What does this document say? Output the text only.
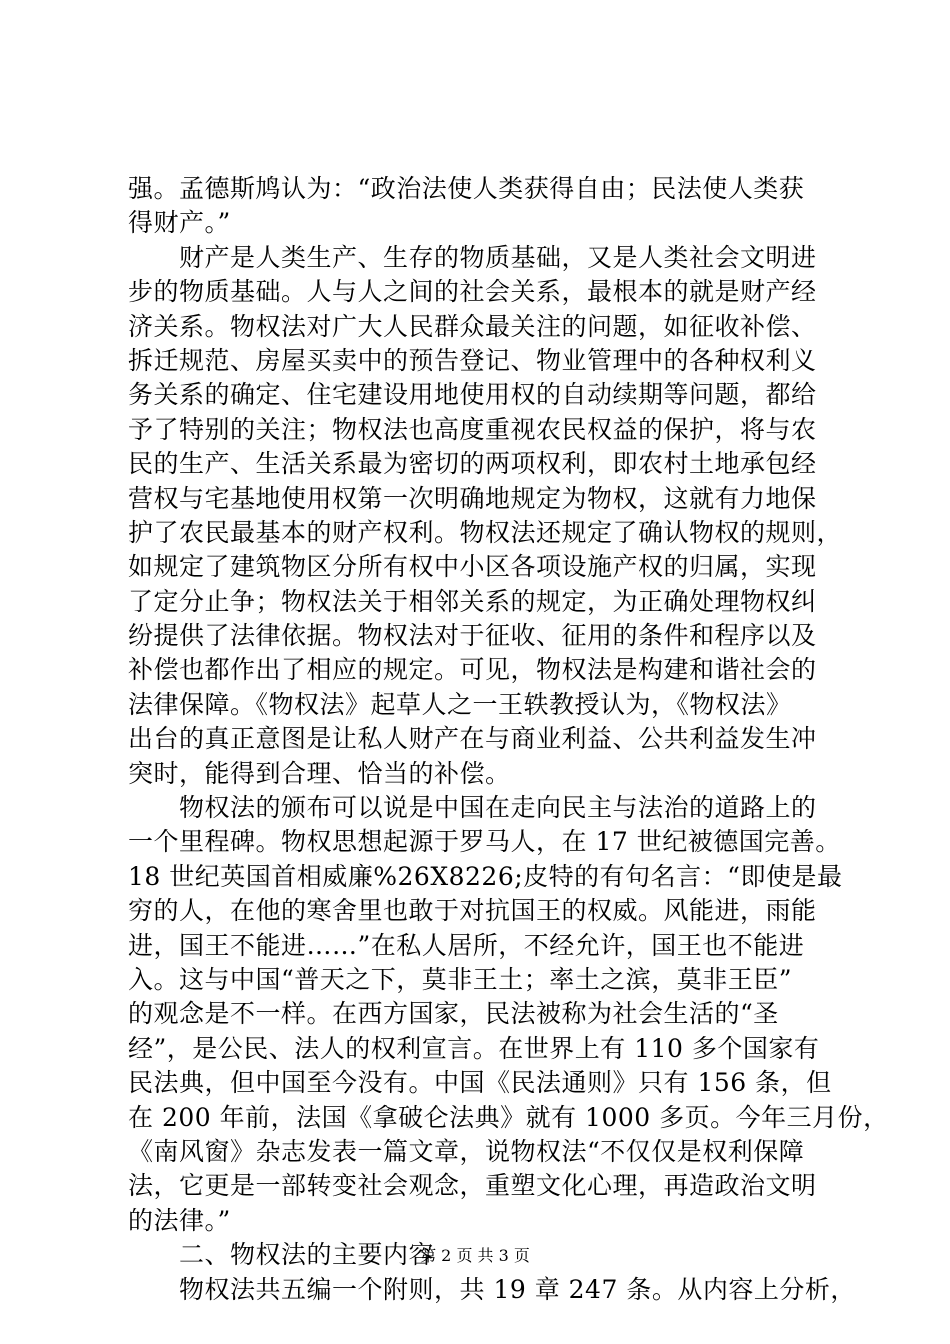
强。孟德斯鸠认为：“政治法使人类获得自由；民法使人类获
得财产。”
　　财产是人类生产、生存的物质基础，又是人类社会文明进
步的物质基础。人与人之间的社会关系，最根本的就是财产经
济关系。物权法对广大人民群众最关注的问题，如征收补偿、
拆迁规范、房屋买卖中的预告登记、物业管理中的各种权利义
务关系的确定、住宅建设用地使用权的自动续期等问题，都给
予了特别的关注；物权法也高度重视农民权益的保护，将与农
民的生产、生活关系最为密切的两项权利，即农村土地承包经
营权与宅基地使用权第一次明确地规定为物权，这就有力地保
护了农民最基本的财产权利。物权法还规定了确认物权的规则，
如规定了建筑物区分所有权中小区各项设施产权的归属，实现
了定分止争；物权法关于相邻关系的规定，为正确处理物权纠
纷提供了法律依据。物权法对于征收、征用的条件和程序以及
补偿也都作出了相应的规定。可见，物权法是构建和谐社会的
法律保障。《物权法》起草人之一王轶教授认为，《物权法》
出台的真正意图是让私人财产在与商业利益、公共利益发生冲
突时，能得到合理、恰当的补偿。
　　物权法的颁布可以说是中国在走向民主与法治的道路上的
一个里程碑。物权思想起源于罗马人，在 17 世纪被德国完善。
18 世纪英国首相威廉%26X8226;皮特的有句名言：“即使是最
穷的人，在他的寒舍里也敢于对抗国王的权威。风能进，雨能
进，国王不能进……”在私人居所，不经允许，国王也不能进
入。这与中国“普天之下，莫非王土；率土之滨，莫非王臣”
的观念是不一样。在西方国家，民法被称为社会生活的“圣
经”，是公民、法人的权利宣言。在世界上有 110 多个国家有
民法典，但中国至今没有。中国《民法通则》只有 156 条，但
在 200 年前，法国《拿破仑法典》就有 1000 多页。今年三月份，
《南风窗》杂志发表一篇文章，说物权法“不仅仅是权利保障
法，它更是一部转变社会观念，重塑文化心理，再造政治文明
的法律。”
　　二、物权法的主要内容
　　物权法共五编一个附则，共 19 章 247 条。从内容上分析，
第 2 页 共 3 页
